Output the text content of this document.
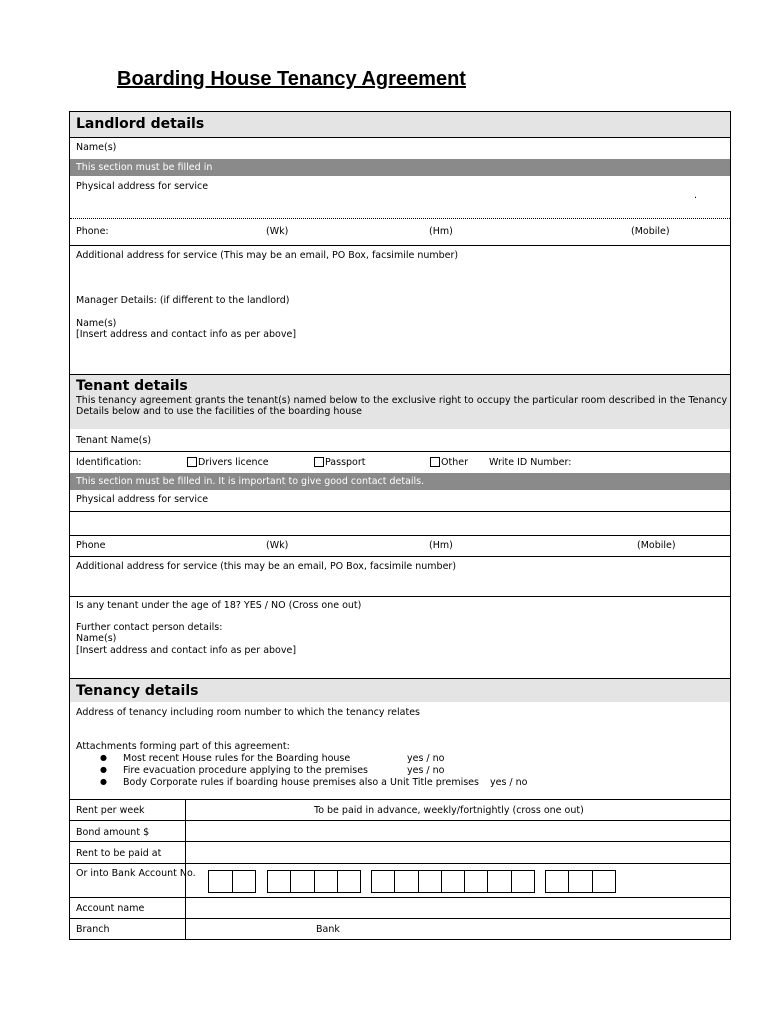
Boarding House Tenancy Agreement
Landlord details
Name(s)
This section must be filled in
Physical address for service
.
Phone:	(Wk)	(Hm)	(Mobile)
Additional address for service (This may be an email, PO Box, facsimile number)
Manager Details: (if different to the landlord)
Name(s)
[Insert address and contact info as per above]
Tenant details
This tenancy agreement grants the tenant(s) named below to the exclusive right to occupy the particular room described in the Tenancy
Details below and to use the facilities of the boarding house
Tenant Name(s)
Identification:	Drivers licence	Passport	Other Write ID Number:
This section must be filled in. It is important to give good contact details.
Physical address for service
Phone	(Wk)	(Hm)	(Mobile)
Additional address for service (this may be an email, PO Box, facsimile number)
Is any tenant under the age of 18? YES / NO (Cross one out)
Further contact person details:
Name(s)
[Insert address and contact info as per above]
Tenancy details
Address of tenancy including room number to which the tenancy relates
Attachments forming part of this agreement:
● Most recent House rules for the Boarding house	yes / no
● Fire evacuation procedure applying to the premises	yes / no
● Body Corporate rules if boarding house premises also a Unit Title premises yes / no
Rent per week	To be paid in advance, weekly/fortnightly (cross one out)
Bond amount $
Rent to be paid at
Or into Bank Account No.
Account name
Branch	Bank
